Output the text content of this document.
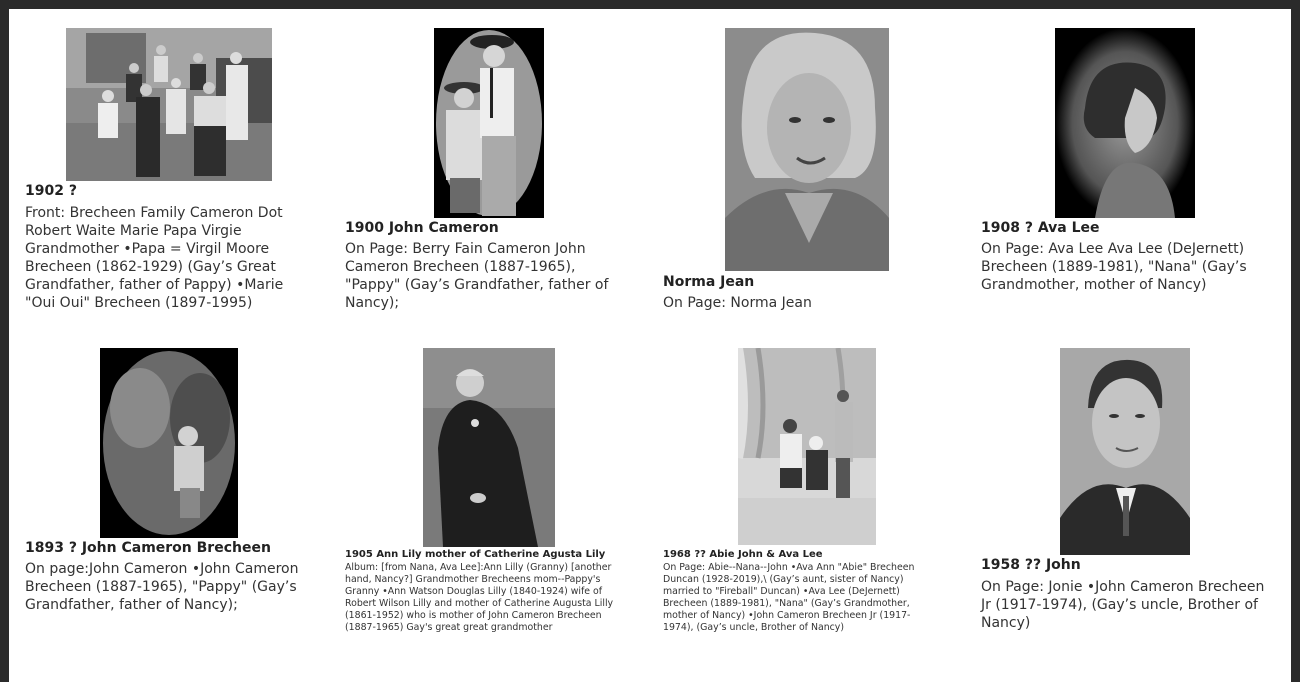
1902 ?
Front: Brecheen Family Cameron Dot Robert Waite Marie Papa Virgie Grandmother •Papa = Virgil Moore Brecheen (1862-1929) (Gay’s Great Grandfather, father of Pappy) •Marie "Oui Oui" Brecheen (1897-1995)
1900 John Cameron
On Page: Berry Fain Cameron John Cameron Brecheen (1887-1965), "Pappy" (Gay’s Grandfather, father of Nancy);
Norma Jean
On Page: Norma Jean
1908 ? Ava Lee
On Page: Ava Lee Ava Lee (DeJernett) Brecheen (1889-1981), "Nana" (Gay’s Grandmother, mother of Nancy)
1893 ? John Cameron Brecheen
On page:John Cameron •John Cameron Brecheen (1887-1965), "Pappy" (Gay’s Grandfather, father of Nancy);
1905 Ann Lily mother of Catherine Agusta Lily
Album: [from Nana, Ava Lee]:Ann Lilly (Granny) [another hand, Nancy?] Grandmother Brecheens mom--Pappy's Granny •Ann Watson Douglas Lilly (1840-1924) wife of Robert Wilson Lilly and mother of Catherine Augusta Lilly (1861-1952) who is mother of John Cameron Brecheen (1887-1965) Gay's great great grandmother
1968 ?? Abie John & Ava Lee
On Page: Abie--Nana--John •Ava Ann "Abie" Brecheen Duncan (1928-2019),\ (Gay’s aunt, sister of Nancy) married to "Fireball" Duncan) •Ava Lee (DeJernett) Brecheen (1889-1981), "Nana" (Gay’s Grandmother, mother of Nancy) •John Cameron Brecheen Jr (1917-1974), (Gay’s uncle, Brother of Nancy)
1958 ?? John
On Page: Jonie •John Cameron Brecheen Jr (1917-1974), (Gay’s uncle, Brother of Nancy)
